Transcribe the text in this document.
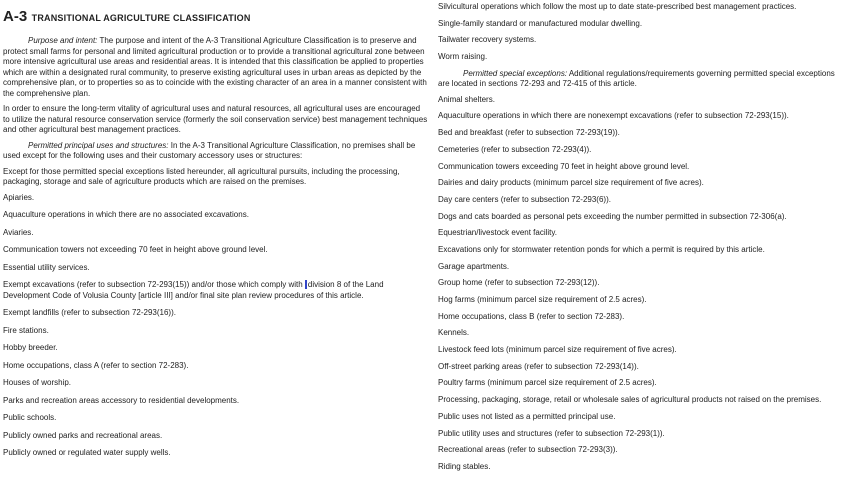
A-3 TRANSITIONAL AGRICULTURE CLASSIFICATION

Purpose and intent: The purpose and intent of the A-3 Transitional Agriculture Classification is to preserve and protect small farms for personal and limited agricultural production or to provide a transitional agricultural zone between more intensive agricultural use areas and residential areas. It is intended that this classification be applied to properties which are within a designated rural community, to preserve existing agricultural uses in urban areas as depicted by the comprehensive plan, or to properties so as to coincide with the existing character of an area in a manner consistent with the comprehensive plan.

In order to ensure the long-term vitality of agricultural uses and natural resources, all agricultural uses are encouraged to utilize the natural resource conservation service (formerly the soil conservation service) best management techniques and other agricultural best management practices.

Permitted principal uses and structures: In the A-3 Transitional Agriculture Classification, no premises shall be used except for the following uses and their customary accessory uses or structures:

Except for those permitted special exceptions listed hereunder, all agricultural pursuits, including the processing, packaging, storage and sale of agriculture products which are raised on the premises.

Apiaries.

Aquaculture operations in which there are no associated excavations.

Aviaries.

Communication towers not exceeding 70 feet in height above ground level.

Essential utility services.

Exempt excavations (refer to subsection 72-293(15)) and/or those which comply with division 8 of the Land Development Code of Volusia County [article III] and/or final site plan review procedures of this article.

Exempt landfills (refer to subsection 72-293(16)).

Fire stations.

Hobby breeder.

Home occupations, class A (refer to section 72-283).

Houses of worship.

Parks and recreation areas accessory to residential developments.

Public schools.

Publicly owned parks and recreational areas.

Publicly owned or regulated water supply wells.

Silvicultural operations which follow the most up to date state-prescribed best management practices.

Single-family standard or manufactured modular dwelling.

Tailwater recovery systems.

Worm raising.

Permitted special exceptions: Additional regulations/requirements governing permitted special exceptions are located in sections 72-293 and 72-415 of this article.

Animal shelters.

Aquaculture operations in which there are nonexempt excavations (refer to subsection 72-293(15)).

Bed and breakfast (refer to subsection 72-293(19)).

Cemeteries (refer to subsection 72-293(4)).

Communication towers exceeding 70 feet in height above ground level.

Dairies and dairy products (minimum parcel size requirement of five acres).

Day care centers (refer to subsection 72-293(6)).

Dogs and cats boarded as personal pets exceeding the number permitted in subsection 72-306(a).

Equestrian/livestock event facility.

Excavations only for stormwater retention ponds for which a permit is required by this article.

Garage apartments.

Group home (refer to subsection 72-293(12)).

Hog farms (minimum parcel size requirement of 2.5 acres).

Home occupations, class B (refer to section 72-283).

Kennels.

Livestock feed lots (minimum parcel size requirement of five acres).

Off-street parking areas (refer to subsection 72-293(14)).

Poultry farms (minimum parcel size requirement of 2.5 acres).

Processing, packaging, storage, retail or wholesale sales of agricultural products not raised on the premises.

Public uses not listed as a permitted principal use.

Public utility uses and structures (refer to subsection 72-293(1)).

Recreational areas (refer to subsection 72-293(3)).

Riding stables.
